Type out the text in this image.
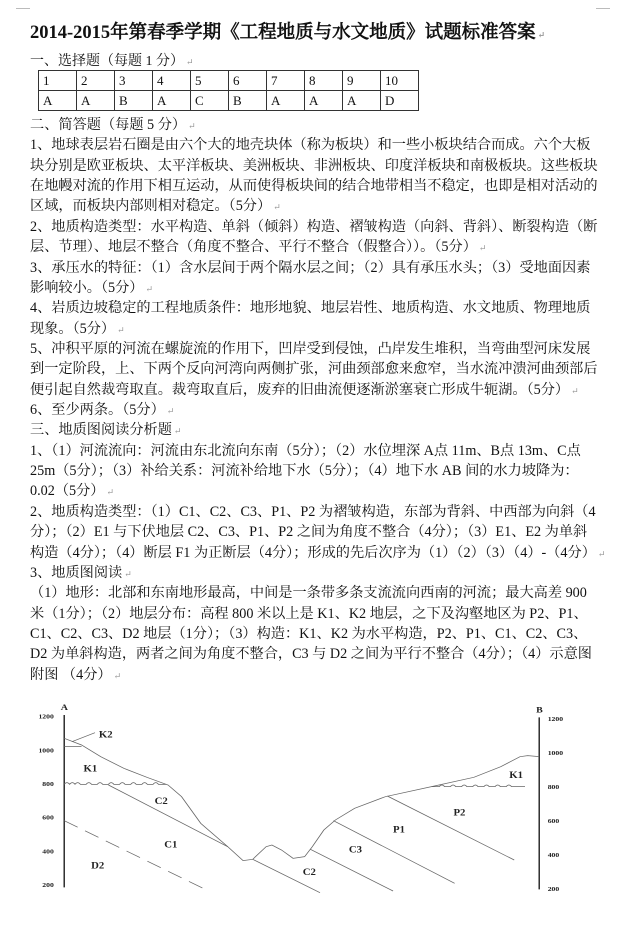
2014-2015年第春季学期《工程地质与水文地质》试题标准答案 ↵
一、选择题（每题 1 分） ↵
1	2	3	4	5	6	7	8	9	10
A	A	B	A	C	B	A	A	A	D
二、简答题（每题 5 分） ↵
1、地球表层岩石圈是由六个大的地壳块体（称为板块）和一些小板块结合而成。六个大板
块分别是欧亚板块、太平洋板块、美洲板块、非洲板块、印度洋板块和南极板块。这些板块
在地幔对流的作用下相互运动，从而使得板块间的结合地带相当不稳定，也即是相对活动的
区域，而板块内部则相对稳定。（5分） ↵
2、地质构造类型：水平构造、单斜（倾斜）构造、褶皱构造（向斜、背斜）、断裂构造（断
层、节理）、地层不整合（角度不整合、平行不整合（假整合））。（5分） ↵
3、承压水的特征：（1）含水层间于两个隔水层之间；（2）具有承压水头；（3）受地面因素
影响较小。（5分） ↵
4、岩质边坡稳定的工程地质条件：地形地貌、地层岩性、地质构造、水文地质、物理地质
现象。（5分） ↵
5、冲积平原的河流在螺旋流的作用下，凹岸受到侵蚀，凸岸发生堆积，当弯曲型河床发展
到一定阶段，上、下两个反向河湾向两侧扩张，河曲颈部愈来愈窄，当水流冲溃河曲颈部后
便引起自然裁弯取直。裁弯取直后，废弃的旧曲流便逐渐淤塞衰亡形成牛轭湖。（5分） ↵
6、至少两条。（5分） ↵
三、地质图阅读分析题 ↵
1、（1）河流流向：河流由东北流向东南（5分）；（2）水位埋深 A点 11m、B点 13m、C点
25m（5分）；（3）补给关系：河流补给地下水（5分）；（4）地下水 AB 间的水力坡降为：
0.02（5分） ↵
2、地质构造类型：（1）C1、C2、C3、P1、P2 为褶皱构造，东部为背斜、中西部为向斜（4
分）；（2）E1 与下伏地层 C2、C3、P1、P2 之间为角度不整合（4分）；（3）E1、E2 为单斜
构造（4分）；（4）断层 F1 为正断层（4分）；形成的先后次序为（1）（2）（3）（4）-（4分） ↵
3、地质图阅读 ↵
（1）地形：北部和东南地形最高，中间是一条带多条支流流向西南的河流；最大高差 900
米（1分）；（2）地层分布：高程 800 米以上是 K1、K2 地层，之下及沟壑地区为 P2、P1、
C1、C2、C3、D2 地层（1分）；（3）构造：K1、K2 为水平构造，P2、P1、C1、C2、C3、
D2 为单斜构造，两者之间为角度不整合，C3 与 D2 之间为平行不整合（4分）；（4）示意图
附图 （4分） ↵
A	B
1200	1200
1000	1000
800	800
600	600
400	400
200
200
K2
K1
C2
C1
D2
C2
C3
P1
P2
K1
